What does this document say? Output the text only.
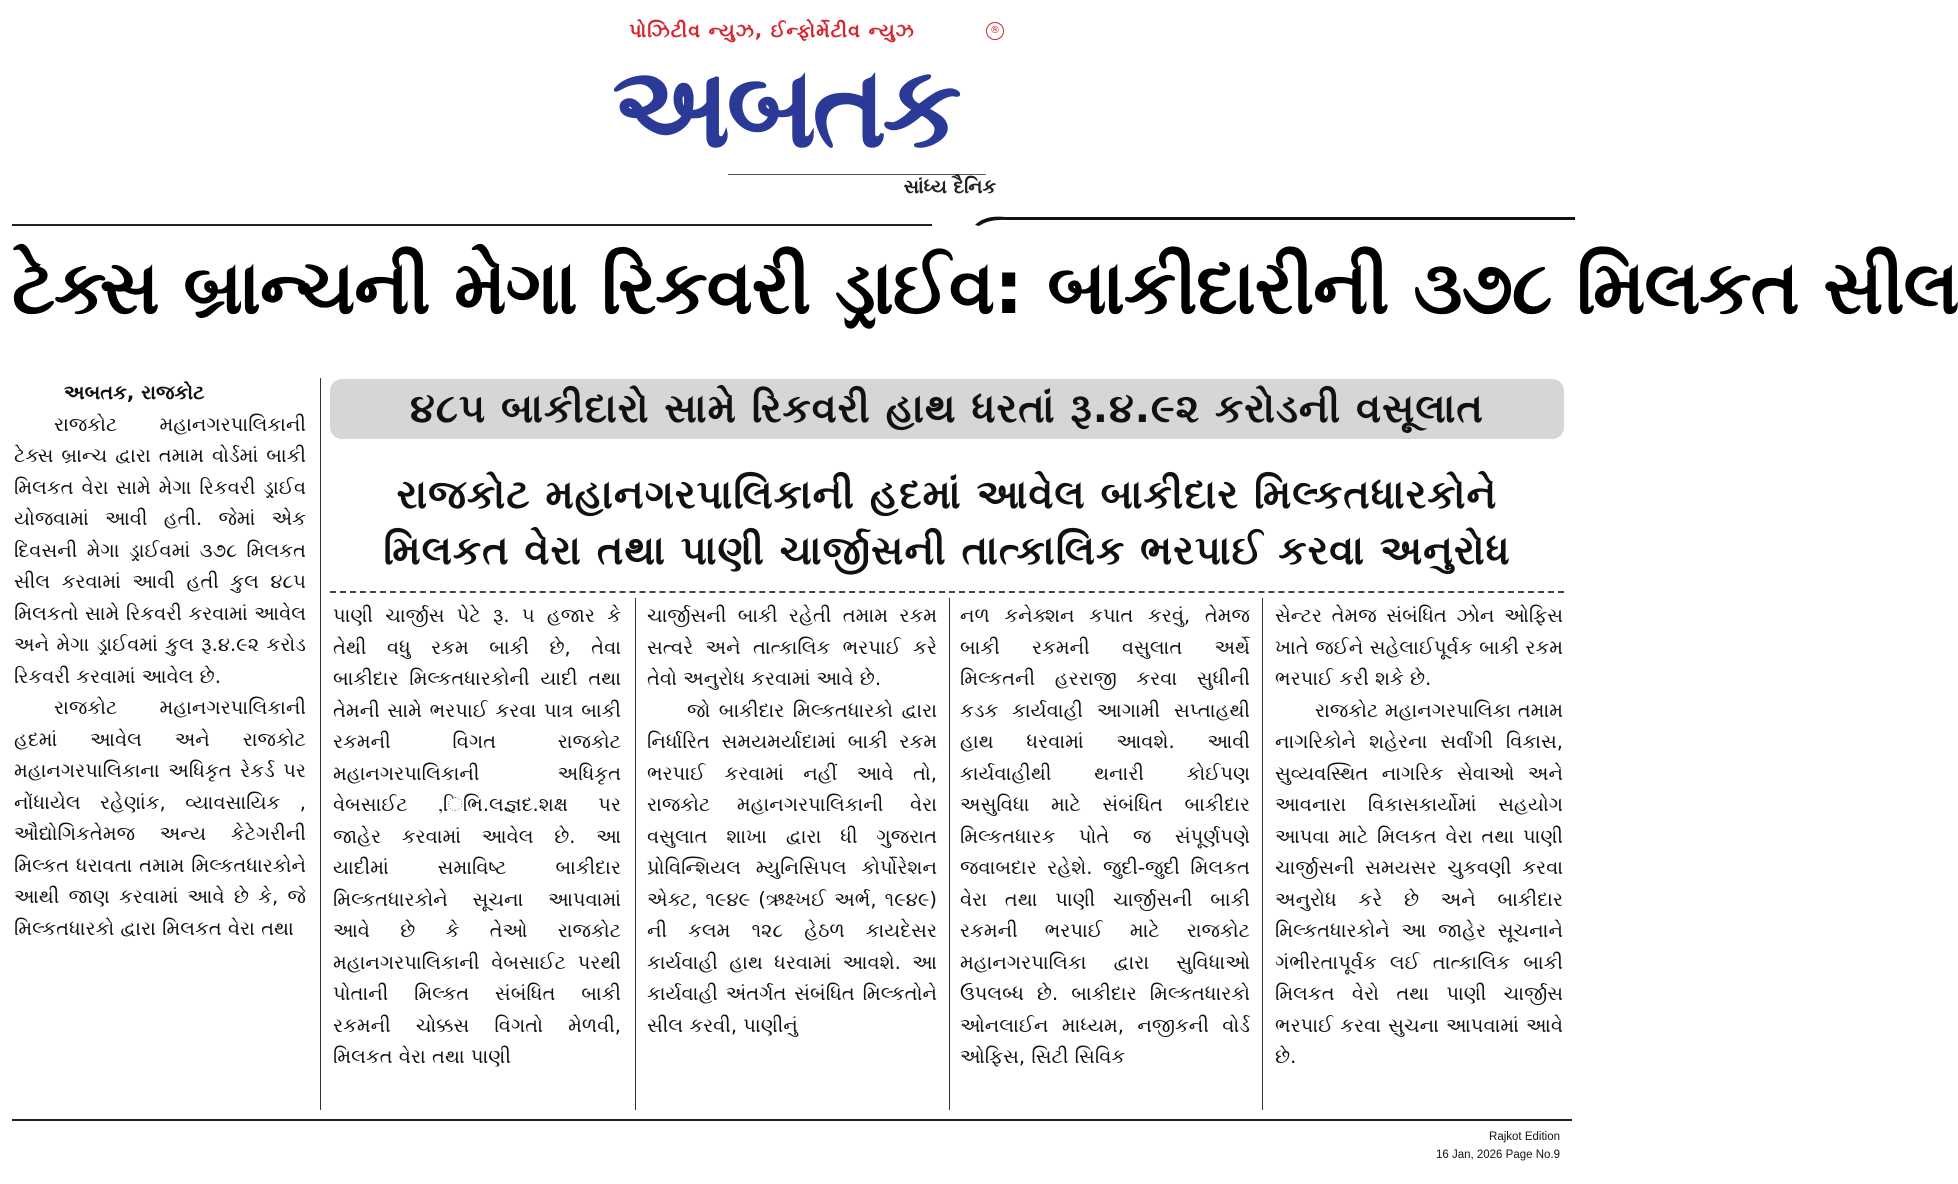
પોઝિટીવ ન્યુઝ, ઈન્ફોર્મેટીવ ન્યુઝ	®
અબતક
સાંધ્ય દૈનિક
ટેક્સ બ્રાન્ચની મેગા રિકવરી ડ્રાઈવ: બાકીદારીની ૩૭૮ મિલકત સીલ
૪૮૫ બાકીદારો સામે રિકવરી હાથ ધરતાં રૂ.૪.૯૨ કરોડની વસૂલાત
રાજકોટ મહાનગરપાલિકાની હદમાં આવેલ બાકીદાર મિલ્કતધારકોને
મિલકત વેરા તથા પાણી ચાર્જીસની તાત્કાલિક ભરપાઈ કરવા અનુરોધ

અબતક, રાજકોટ

રાજકોટ મહાનગરપાલિકાની ટેક્સ બ્રાન્ચ દ્વારા તમામ વોર્ડમાં બાકી મિલકત વેરા સામે મેગા રિકવરી ડ્રાઈવ યોજવામાં આવી હતી. જેમાં એક દિવસની મેગા ડ્રાઈવમાં ૩૭૮ મિલકત સીલ કરવામાં આવી હતી કુલ ૪૮૫ મિલકતો સામે રિકવરી કરવામાં આવેલ અને મેગા ડ્રાઈવમાં કુલ રૂ.૪.૯૨ કરોડ રિકવરી કરવામાં આવેલ છે.

રાજકોટ મહાનગરપાલિકાની હદમાં આવેલ અને રાજકોટ મહાનગરપાલિકાના અધિકૃત રેકર્ડ પર નોંધાયેલ રહેણાંક, વ્યાવસાયિક , ઔદ્યોગિકતેમજ અન્ય કેટેગરીની મિલ્કત ધરાવતા તમામ મિલ્કતધારકોને આથી જાણ કરવામાં આવે છે કે, જે મિલ્કતધારકો દ્વારા મિલકત વેરા તથા

પાણી ચાર્જીસ પેટે રૂ. ૫ હજાર કે તેથી વધુ રકમ બાકી છે, તેવા બાકીદાર મિલ્કતધારકોની યાદી તથા તેમની સામે ભરપાઈ કરવા પાત્ર બાકી રકમની વિગત રાજકોટ મહાનગરપાલિકાની અધિકૃત વેબસાઈટ ,િભિ.લજ્ઞદ.શક્ષ પર જાહેર કરવામાં આવેલ છે. આ યાદીમાં સમાવિષ્ટ બાકીદાર મિલ્કતધારકોને સૂચના આપવામાં આવે છે કે તેઓ રાજકોટ મહાનગરપાલિકાની વેબસાઈટ પરથી પોતાની મિલ્કત સંબંધિત બાકી રકમની ચોક્કસ વિગતો મેળવી, મિલકત વેરા તથા પાણી

ચાર્જીસની બાકી રહેતી તમામ રકમ સત્વરે અને તાત્કાલિક ભરપાઈ કરે તેવો અનુરોધ કરવામાં આવે છે.

જો બાકીદાર મિલ્કતધારકો દ્વારા નિર્ધારિત સમયમર્યાદામાં બાકી રકમ ભરપાઈ કરવામાં નહીં આવે તો, રાજકોટ મહાનગરપાલિકાની વેરા વસુલાત શાખા દ્વારા ધી ગુજરાત પ્રોવિન્શિયલ મ્યુનિસિપલ કોર્પોરેશન એક્ટ, ૧૯૪૯ (ઋક્ષ્ખઈ અર્ભ, ૧૯૪૯) ની કલમ ૧૨૮ હેઠળ કાયદેસર કાર્યવાહી હાથ ધરવામાં આવશે. આ કાર્યવાહી અંતર્ગત સંબંધિત મિલ્કતોને સીલ કરવી, પાણીનું

નળ કનેક્શન કપાત કરવું, તેમજ બાકી રકમની વસુલાત અર્થે મિલ્કતની હરરાજી કરવા સુધીની કડક કાર્યવાહી આગામી સપ્તાહથી હાથ ધરવામાં આવશે. આવી કાર્યવાહીથી થનારી કોઈપણ અસુવિધા માટે સંબંધિત બાકીદાર મિલ્કતધારક પોતે જ સંપૂર્ણપણે જવાબદાર રહેશે. જુદી-જુદી મિલકત વેરા તથા પાણી ચાર્જીસની બાકી રકમની ભરપાઈ માટે રાજકોટ મહાનગરપાલિકા દ્વારા સુવિધાઓ ઉપલબ્ધ છે. બાકીદાર મિલ્કતધારકો ઓનલાઈન માધ્યમ, નજીકની વોર્ડ ઓફિસ, સિટી સિવિક

સેન્ટર તેમજ સંબંધિત ઝોન ઓફિસ ખાતે જઈને સહેલાઈપૂર્વક બાકી રકમ ભરપાઈ કરી શકે છે.

રાજકોટ મહાનગરપાલિકા તમામ નાગરિકોને શહેરના સર્વાંગી વિકાસ, સુવ્યવસ્થિત નાગરિક સેવાઓ અને આવનારા વિકાસકાર્યોમાં સહયોગ આપવા માટે મિલકત વેરા તથા પાણી ચાર્જીસની સમયસર ચુકવણી કરવા અનુરોધ કરે છે અને બાકીદાર મિલ્કતધારકોને આ જાહેર સૂચનાને ગંભીરતાપૂર્વક લઈ તાત્કાલિક બાકી મિલકત વેરો તથા પાણી ચાર્જીસ ભરપાઈ કરવા સુચના આપવામાં આવે છે.

Rajkot Edition
16 Jan, 2026 Page No.9
